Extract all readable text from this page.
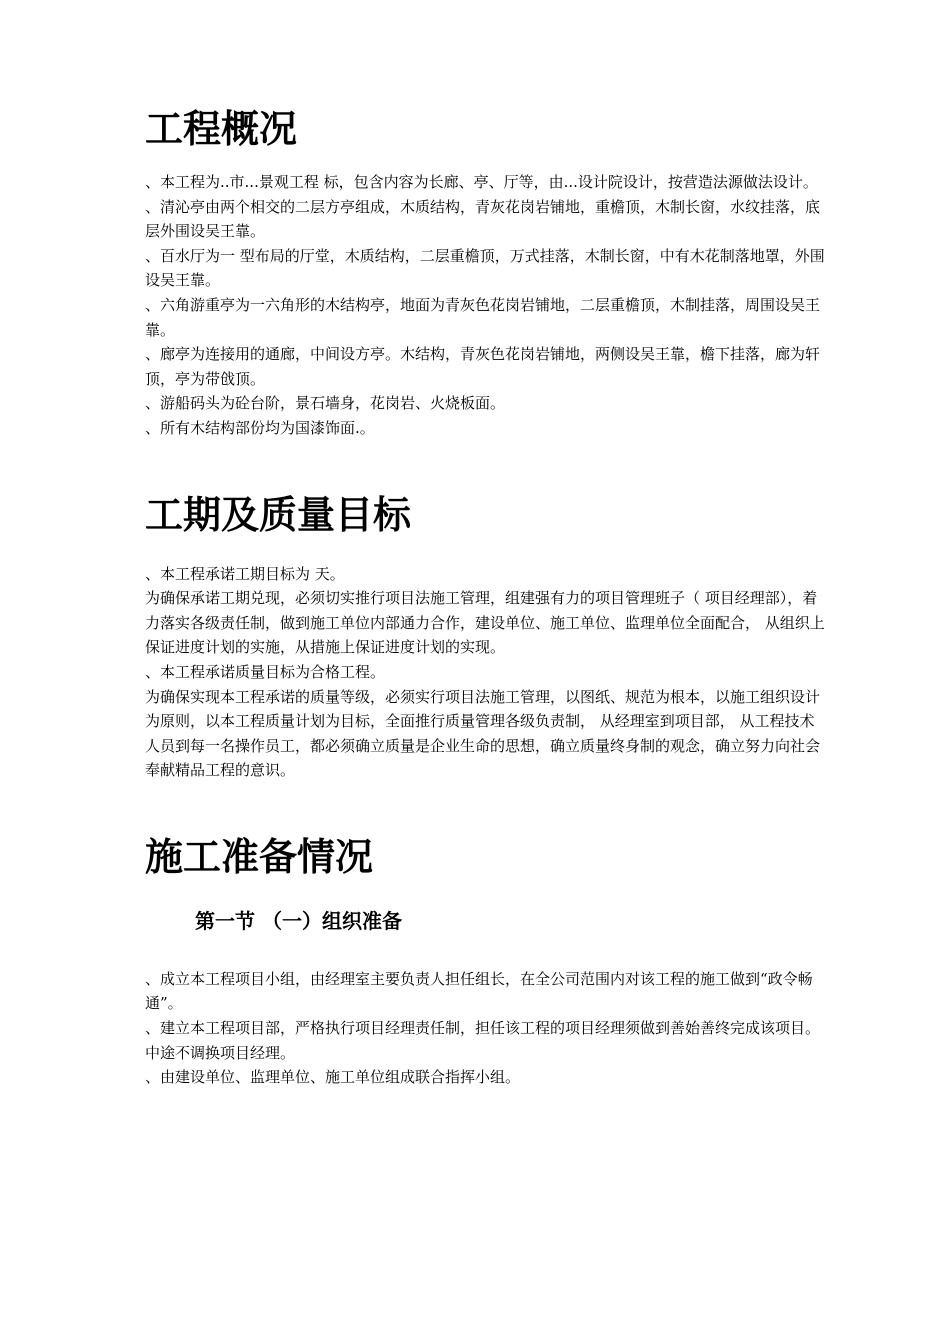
工程概况

、本工程为..市...景观工程 标，包含内容为长廊、亭、厅等，由...设计院设计，按营造法源做法设计。

、清沁亭由两个相交的二层方亭组成，木质结构，青灰花岗岩铺地，重檐顶，木制长窗，水纹挂落，底层外围设吴王靠。

、百水厅为一 型布局的厅堂，木质结构，二层重檐顶，万式挂落，木制长窗，中有木花制落地罩，外围设吴王靠。

、六角游重亭为一六角形的木结构亭，地面为青灰色花岗岩铺地，二层重檐顶，木制挂落，周围设吴王靠。

、廊亭为连接用的通廊，中间设方亭。木结构，青灰色花岗岩铺地，两侧设吴王靠，檐下挂落，廊为轩顶，亭为带戗顶。

、游船码头为砼台阶，景石墙身，花岗岩、火烧板面。

、所有木结构部份均为国漆饰面.。

工期及质量目标

、本工程承诺工期目标为 天。

为确保承诺工期兑现，必须切实推行项目法施工管理，组建强有力的项目管理班子（ 项目经理部），着力落实各级责任制，做到施工单位内部通力合作，建设单位、施工单位、监理单位全面配合， 从组织上保证进度计划的实施，从措施上保证进度计划的实现。

、本工程承诺质量目标为合格工程。

为确保实现本工程承诺的质量等级，必须实行项目法施工管理，以图纸、规范为根本，以施工组织设计为原则，以本工程质量计划为目标，全面推行质量管理各级负责制， 从经理室到项目部， 从工程技术人员到每一名操作员工，都必须确立质量是企业生命的思想，确立质量终身制的观念，确立努力向社会奉献精品工程的意识。

施工准备情况
第一节 （一）组织准备

、成立本工程项目小组，由经理室主要负责人担任组长，在全公司范围内对该工程的施工做到“政令畅通”。

、建立本工程项目部，严格执行项目经理责任制，担任该工程的项目经理须做到善始善终完成该项目。中途不调换项目经理。

、由建设单位、监理单位、施工单位组成联合指挥小组。
